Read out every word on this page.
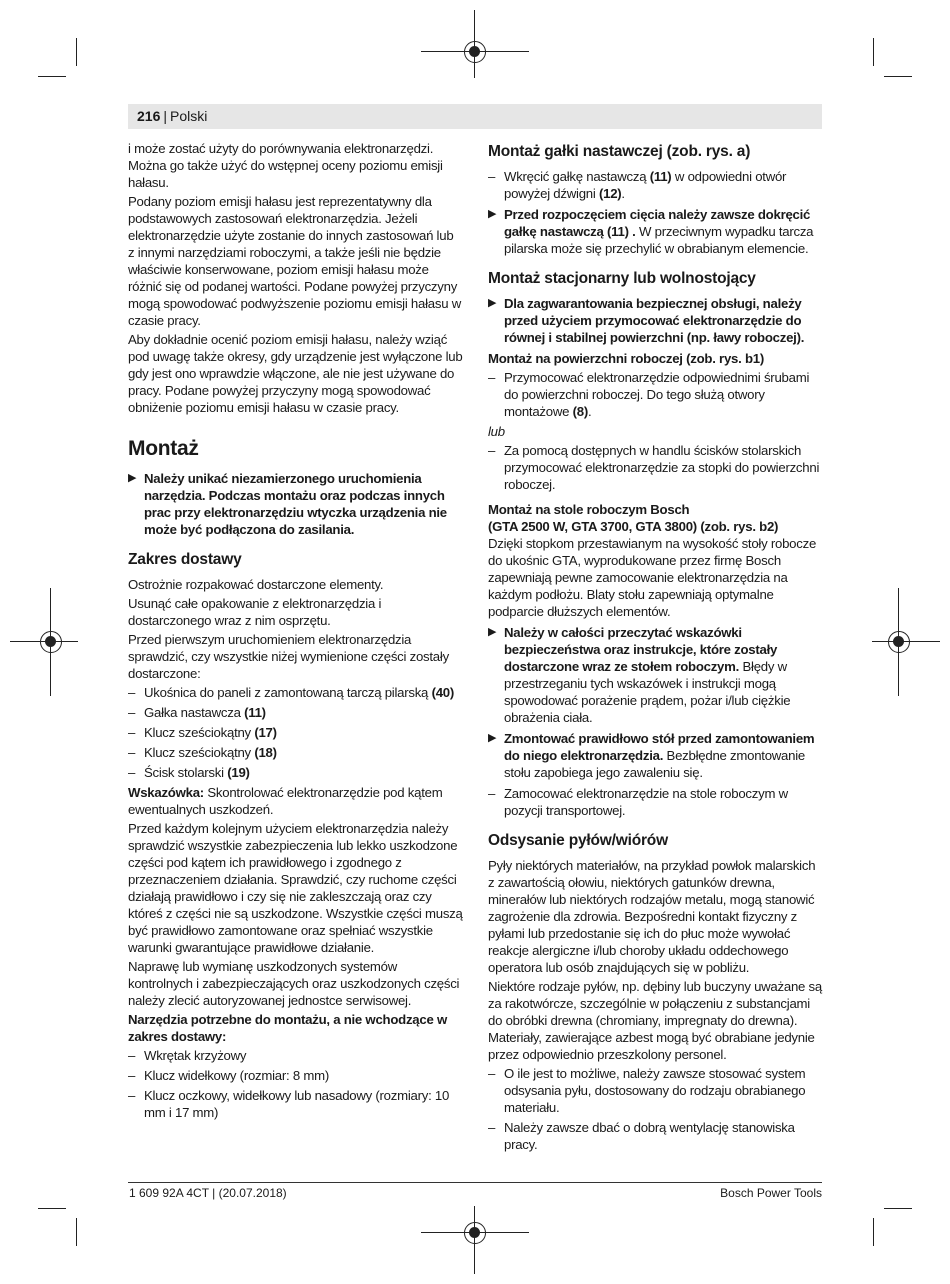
216 | Polski

i może zostać użyty do porównywania elektronarzędzi. Można go także użyć do wstępnej oceny poziomu emisji hałasu.

Podany poziom emisji hałasu jest reprezentatywny dla podstawowych zastosowań elektronarzędzia. Jeżeli elektronarzędzie użyte zostanie do innych zastosowań lub z innymi narzędziami roboczymi, a także jeśli nie będzie właściwie konserwowane, poziom emisji hałasu może różnić się od podanej wartości. Podane powyżej przyczyny mogą spowodować podwyższenie poziomu emisji hałasu w czasie pracy.

Aby dokładnie ocenić poziom emisji hałasu, należy wziąć pod uwagę także okresy, gdy urządzenie jest wyłączone lub gdy jest ono wprawdzie włączone, ale nie jest używane do pracy. Podane powyżej przyczyny mogą spowodować obniżenie poziomu emisji hałasu w czasie pracy.

Montaż
▶ Należy unikać niezamierzonego uruchomienia narzędzia. Podczas montażu oraz podczas innych prac przy elektronarzędziu wtyczka urządzenia nie może być podłączona do zasilania.
Zakres dostawy

Ostrożnie rozpakować dostarczone elementy.

Usunąć całe opakowanie z elektronarzędzia i dostarczonego wraz z nim osprzętu.

Przed pierwszym uruchomieniem elektronarzędzia sprawdzić, czy wszystkie niżej wymienione części zostały dostarczone:

– Ukośnica do paneli z zamontowaną tarczą pilarską (40)
– Gałka nastawcza (11)
– Klucz sześciokątny (17)
– Klucz sześciokątny (18)
– Ścisk stolarski (19)

Wskazówka: Skontrolować elektronarzędzie pod kątem ewentualnych uszkodzeń.

Przed każdym kolejnym użyciem elektronarzędzia należy sprawdzić wszystkie zabezpieczenia lub lekko uszkodzone części pod kątem ich prawidłowego i zgodnego z przeznaczeniem działania. Sprawdzić, czy ruchome części działają prawidłowo i czy się nie zakleszczają oraz czy któreś z części nie są uszkodzone. Wszystkie części muszą być prawidłowo zamontowane oraz spełniać wszystkie warunki gwarantujące prawidłowe działanie.

Naprawę lub wymianę uszkodzonych systemów kontrolnych i zabezpieczających oraz uszkodzonych części należy zlecić autoryzowanej jednostce serwisowej.

Narzędzia potrzebne do montażu, a nie wchodzące w zakres dostawy:

– Wkrętak krzyżowy
– Klucz widełkowy (rozmiar: 8 mm)
– Klucz oczkowy, widełkowy lub nasadowy (rozmiary: 10 mm i 17 mm)
Montaż gałki nastawczej (zob. rys. a)
– Wkręcić gałkę nastawczą (11) w odpowiedni otwór powyżej dźwigni (12).
▶ Przed rozpoczęciem cięcia należy zawsze dokręcić gałkę nastawczą (11) . W przeciwnym wypadku tarcza pilarska może się przechylić w obrabianym elemencie.
Montaż stacjonarny lub wolnostojący
▶ Dla zagwarantowania bezpiecznej obsługi, należy przed użyciem przymocować elektronarzędzie do równej i stabilnej powierzchni (np. ławy roboczej).

Montaż na powierzchni roboczej (zob. rys. b1)

– Przymocować elektronarzędzie odpowiednimi śrubami do powierzchni roboczej. Do tego służą otwory montażowe (8).

lub

– Za pomocą dostępnych w handlu ścisków stolarskich przymocować elektronarzędzie za stopki do powierzchni roboczej.

Montaż na stole roboczym Bosch
(GTA 2500 W, GTA 3700, GTA 3800) (zob. rys. b2)

Dzięki stopkom przestawianym na wysokość stoły robocze do ukośnic GTA, wyprodukowane przez firmę Bosch zapewniają pewne zamocowanie elektronarzędzia na każdym podłożu. Blaty stołu zapewniają optymalne podparcie dłuższych elementów.

▶ Należy w całości przeczytać wskazówki bezpieczeństwa oraz instrukcje, które zostały dostarczone wraz ze stołem roboczym. Błędy w przestrzeganiu tych wskazówek i instrukcji mogą spowodować porażenie prądem, pożar i/lub ciężkie obrażenia ciała.
▶ Zmontować prawidłowo stół przed zamontowaniem do niego elektronarzędzia. Bezbłędne zmontowanie stołu zapobiega jego zawaleniu się.
– Zamocować elektronarzędzie na stole roboczym w pozycji transportowej.
Odsysanie pyłów/wiórów

Pyły niektórych materiałów, na przykład powłok malarskich z zawartością ołowiu, niektórych gatunków drewna, minerałów lub niektórych rodzajów metalu, mogą stanowić zagrożenie dla zdrowia. Bezpośredni kontakt fizyczny z pyłami lub przedostanie się ich do płuc może wywołać reakcje alergiczne i/lub choroby układu oddechowego operatora lub osób znajdujących się w pobliżu.

Niektóre rodzaje pyłów, np. dębiny lub buczyny uważane są za rakotwórcze, szczególnie w połączeniu z substancjami do obróbki drewna (chromiany, impregnaty do drewna). Materiały, zawierające azbest mogą być obrabiane jedynie przez odpowiednio przeszkolony personel.

– O ile jest to możliwe, należy zawsze stosować system odsysania pyłu, dostosowany do rodzaju obrabianego materiału.
– Należy zawsze dbać o dobrą wentylację stanowiska pracy.
1 609 92A 4CT | (20.07.2018)	Bosch Power Tools
